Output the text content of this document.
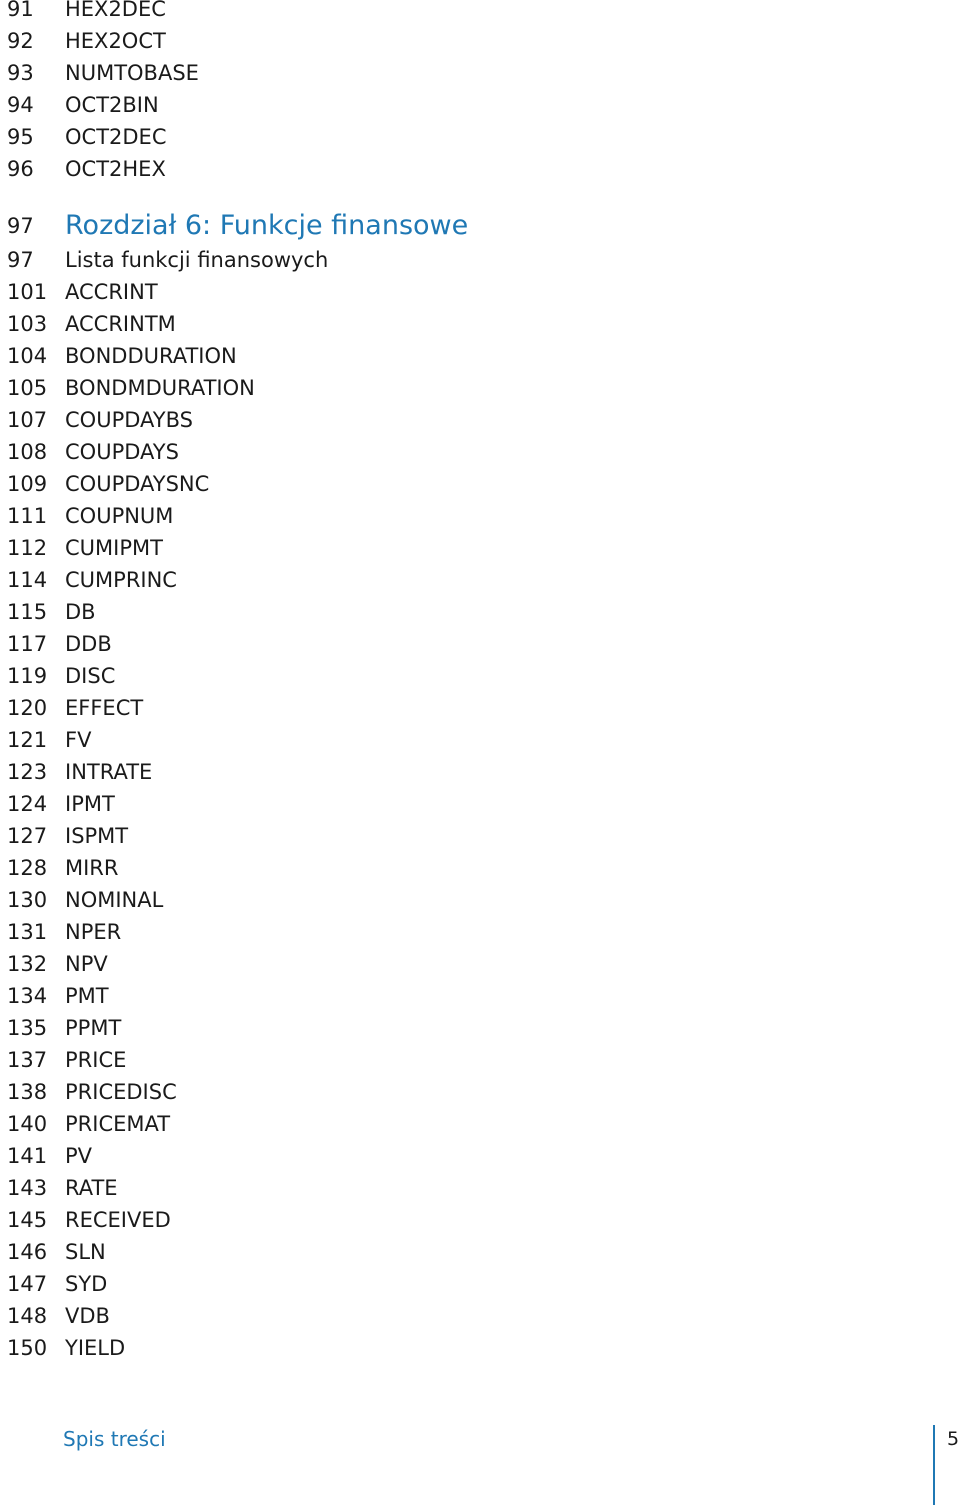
91	HEX2DEC
92	HEX2OCT
93	NUMTOBASE
94	OCT2BIN
95	OCT2DEC
96	OCT2HEX
97	Rozdział 6: Funkcje finansowe
97	Lista funkcji finansowych
101 ACCRINT
103 ACCRINTM
104 BONDDURATION
105 BONDMDURATION
107 COUPDAYBS
108 COUPDAYS
109 COUPDAYSNC
111 COUPNUM
112 CUMIPMT
114 CUMPRINC
115 DB
117 DDB
119 DISC
120 EFFECT
121 FV
123 INTRATE
124 IPMT
127 ISPMT
128 MIRR
130 NOMINAL
131 NPER
132 NPV
134 PMT
135 PPMT
137 PRICE
138 PRICEDISC
140 PRICEMAT
141 PV
143 RATE
145 RECEIVED
146 SLN
147 SYD
148 VDB
150 YIELD
Spis treści	5
